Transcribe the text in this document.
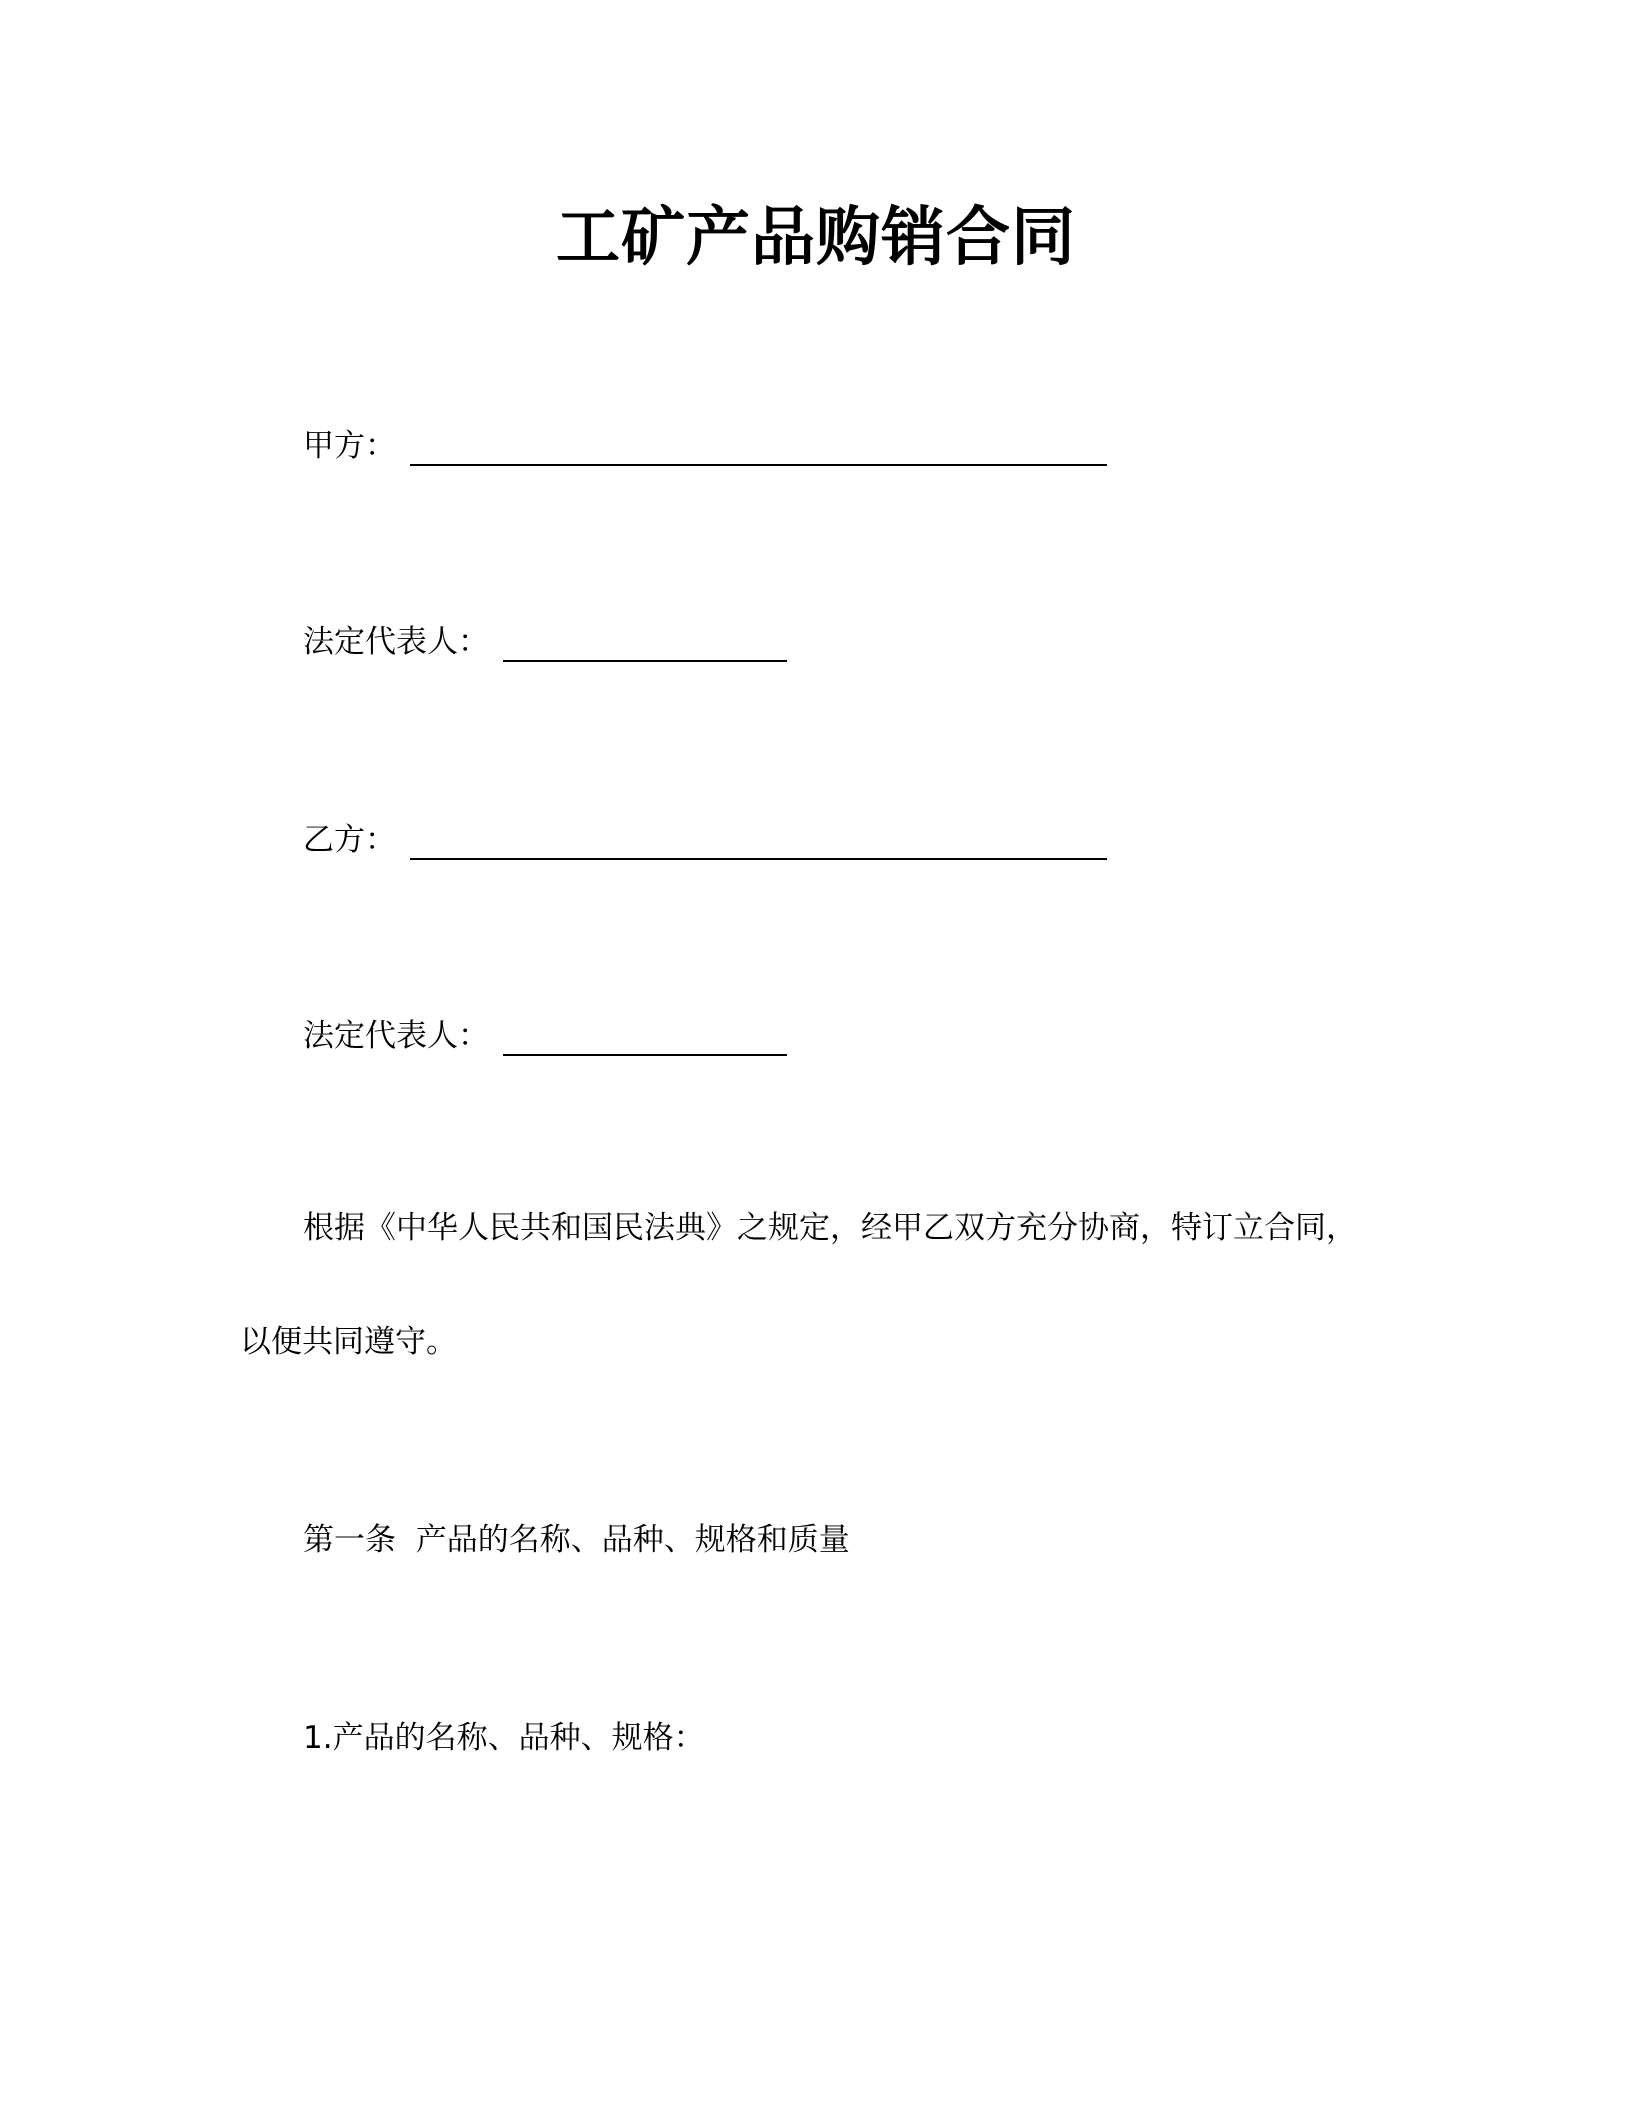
工矿产品购销合同
甲方：
法定代表人：
乙方：
法定代表人：
根据《中华人民共和国民法典》之规定，经甲乙双方充分协商，特订立合同，
以便共同遵守。
第一条  产品的名称、品种、规格和质量
1.产品的名称、品种、规格：
